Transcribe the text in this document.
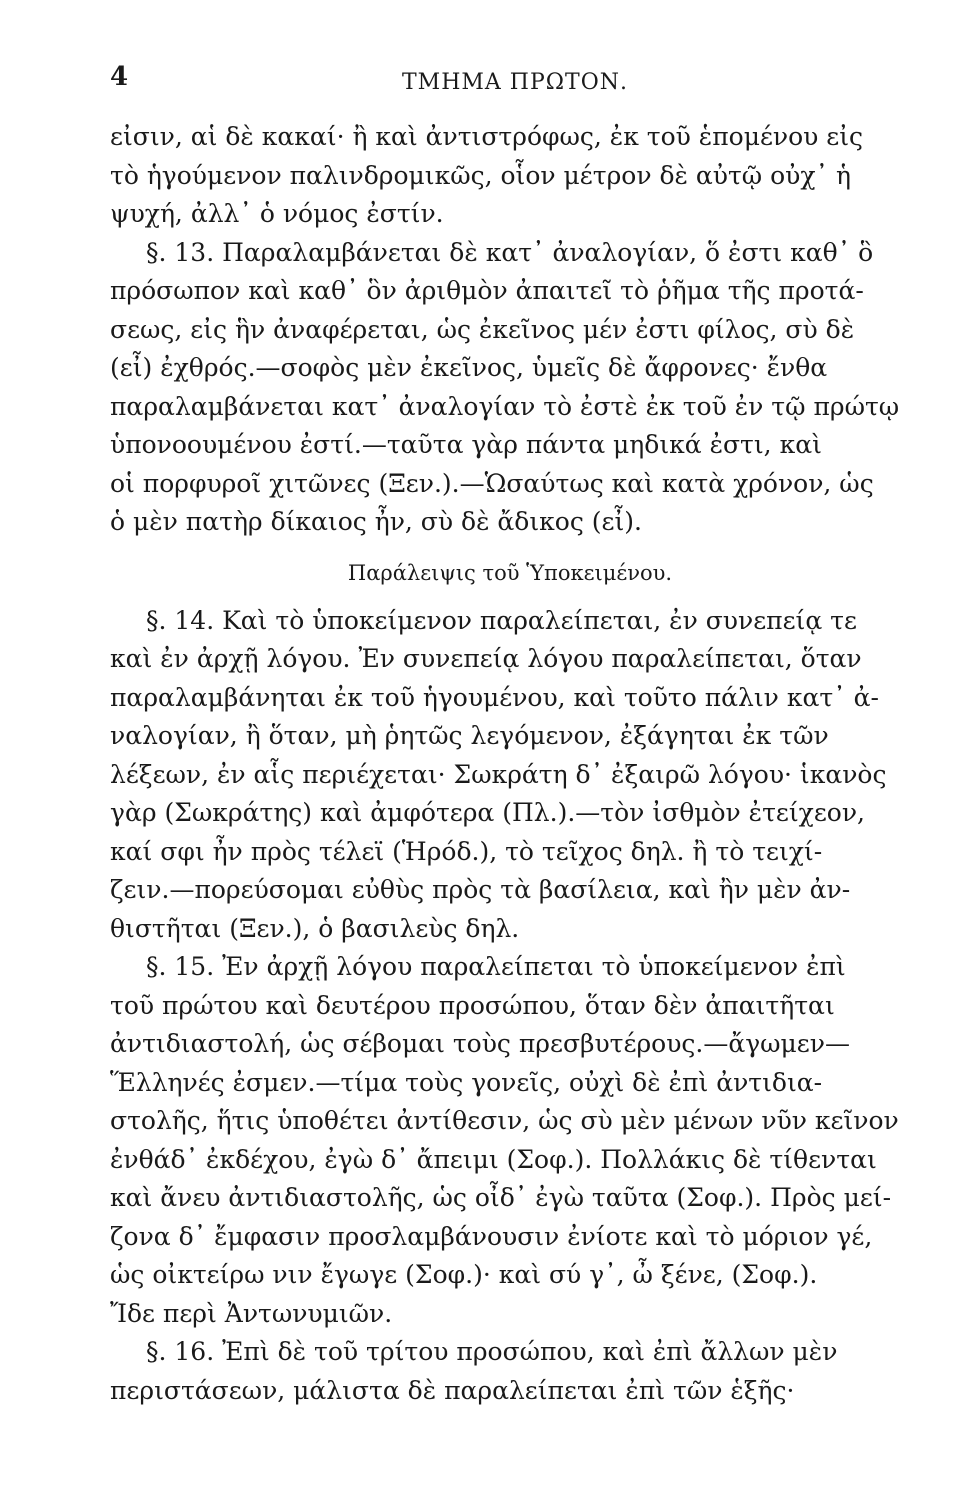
4	ΤΜΗΜΑ ΠΡΩΤΟΝ.
εἰσιν, αἱ δὲ κακαί· ἢ καὶ ἀντιστρόφως, ἐκ τοῦ ἑπομένου εἰς
τὸ ἡγούμενον παλινδρομικῶς, οἷον μέτρον δὲ αὐτῷ οὐχ᾽ ἡ
ψυχή, ἀλλ᾽ ὁ νόμος ἐστίν.
§. 13. Παραλαμβάνεται δὲ κατ᾽ ἀναλογίαν, ὅ ἐστι καθ᾽ ὃ
πρόσωπον καὶ καθ᾽ ὃν ἀριθμὸν ἀπαιτεῖ τὸ ῥῆμα τῆς προτά-
σεως, εἰς ἣν ἀναφέρεται, ὡς ἐκεῖνος μέν ἐστι φίλος, σὺ δὲ
(εἶ) ἐχθρός.—σοφὸς μὲν ἐκεῖνος, ὑμεῖς δὲ ἄφρονες· ἔνθα
παραλαμβάνεται κατ᾽ ἀναλογίαν τὸ ἐστὲ ἐκ τοῦ ἐν τῷ πρώτῳ
ὑπονοουμένου ἐστί.—ταῦτα γὰρ πάντα μηδικά ἐστι, καὶ
οἱ πορφυροῖ χιτῶνες (Ξεν.).—Ὡσαύτως καὶ κατὰ χρόνον, ὡς
ὁ μὲν πατὴρ δίκαιος ἦν, σὺ δὲ ἄδικος (εἶ).
Παράλειψις τοῦ Ὑποκειμένου.
§. 14. Καὶ τὸ ὑποκείμενον παραλείπεται, ἐν συνεπείᾳ τε
καὶ ἐν ἀρχῇ λόγου. Ἐν συνεπείᾳ λόγου παραλείπεται, ὅταν
παραλαμβάνηται ἐκ τοῦ ἡγουμένου, καὶ τοῦτο πάλιν κατ᾽ ἀ-
ναλογίαν, ἢ ὅταν, μὴ ῥητῶς λεγόμενον, ἐξάγηται ἐκ τῶν
λέξεων, ἐν αἷς περιέχεται· Σωκράτη δ᾽ ἐξαιρῶ λόγου· ἱκανὸς
γὰρ (Σωκράτης) καὶ ἀμφότερα (Πλ.).—τὸν ἰσθμὸν ἐτείχεον,
καί σφι ἦν πρὸς τέλεϊ (Ἡρόδ.), τὸ τεῖχος δηλ. ἢ τὸ τειχί-
ζειν.—πορεύσομαι εὐθὺς πρὸς τὰ βασίλεια, καὶ ἢν μὲν ἀν-
θιστῆται (Ξεν.), ὁ βασιλεὺς δηλ.
§. 15. Ἐν ἀρχῇ λόγου παραλείπεται τὸ ὑποκείμενον ἐπὶ
τοῦ πρώτου καὶ δευτέρου προσώπου, ὅταν δὲν ἀπαιτῆται
ἀντιδιαστολή, ὡς σέβομαι τοὺς πρεσβυτέρους.—ἄγωμεν—
Ἕλληνές ἐσμεν.—τίμα τοὺς γονεῖς, οὐχὶ δὲ ἐπὶ ἀντιδια-
στολῆς, ἥτις ὑποθέτει ἀντίθεσιν, ὡς σὺ μὲν μένων νῦν κεῖνον
ἐνθάδ᾽ ἐκδέχου, ἐγὼ δ᾽ ἄπειμι (Σοφ.). Πολλάκις δὲ τίθενται
καὶ ἄνευ ἀντιδιαστολῆς, ὡς οἶδ᾽ ἐγὼ ταῦτα (Σοφ.). Πρὸς μεί-
ζονα δ᾽ ἔμφασιν προσλαμβάνουσιν ἐνίοτε καὶ τὸ μόριον γέ,
ὡς οἰκτείρω νιν ἔγωγε (Σοφ.)· καὶ σύ γ᾽, ὦ ξένε, (Σοφ.).
Ἴδε περὶ Ἀντωνυμιῶν.
§. 16. Ἐπὶ δὲ τοῦ τρίτου προσώπου, καὶ ἐπὶ ἄλλων μὲν
περιστάσεων, μάλιστα δὲ παραλείπεται ἐπὶ τῶν ἑξῆς·
